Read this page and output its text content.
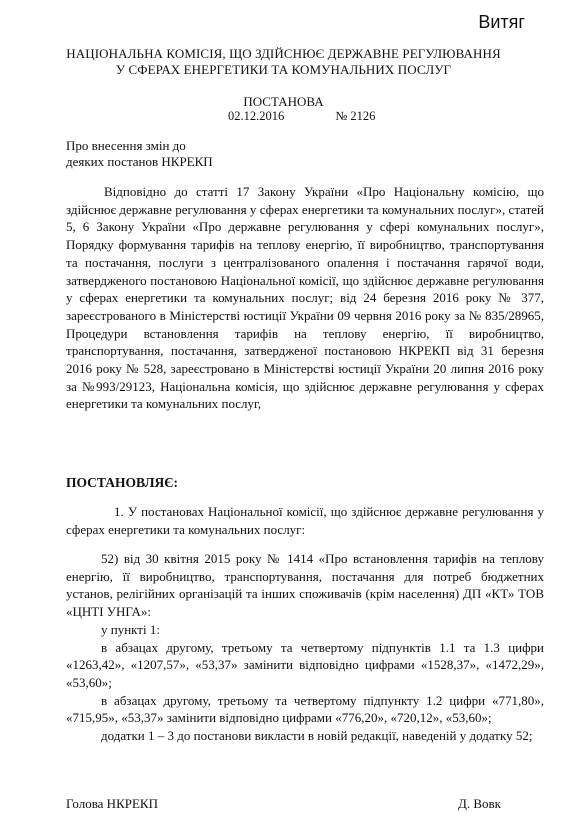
Витяг
НАЦІОНАЛЬНА КОМІСІЯ, ЩО ЗДІЙСНЮЄ ДЕРЖАВНЕ РЕГУЛЮВАННЯ
У СФЕРАХ ЕНЕРГЕТИКИ ТА КОМУНАЛЬНИХ ПОСЛУГ
ПОСТАНОВА
02.12.2016	№ 2126
Про внесення змін до
деяких постанов НКРЕКП
Відповідно до статті 17 Закону України «Про Національну комісію, що здійснює державне регулювання у сферах енергетики та комунальних послуг», статей 5, 6 Закону України «Про державне регулювання у сфері комунальних послуг», Порядку формування тарифів на теплову енергію, її виробництво, транспортування та постачання, послуги з централізованого опалення і постачання гарячої води, затвердженого постановою Національної комісії, що здійснює державне регулювання у сферах енергетики та комунальних послуг; від 24 березня 2016 року № 377, зареєстрованого в Міністерстві юстиції України 09 червня 2016 року за № 835/28965, Процедури встановлення тарифів на теплову енергію, її виробництво, транспортування, постачання, затвердженої постановою НКРЕКП від 31 березня 2016 року № 528, зареєстровано в Міністерстві юстиції України 20 липня 2016 року за №993/29123, Національна комісія, що здійснює державне регулювання у сферах енергетики та комунальних послуг,
ПОСТАНОВЛЯЄ:
1. У постановах Національної комісії, що здійснює державне регулювання у сферах енергетики та комунальних послуг:
52) від 30 квітня 2015 року № 1414 «Про встановлення тарифів на теплову енергію, її виробництво, транспортування, постачання для потреб бюджетних установ, релігійних організацій та інших споживачів (крім населення) ДП «КТ» ТОВ «ЦНТІ УНГА»:
у пункті 1:
в абзацах другому, третьому та четвертому підпунктів 1.1 та 1.3 цифри «1263,42», «1207,57», «53,37» замінити відповідно цифрами «1528,37», «1472,29», «53,60»;
в абзацах другому, третьому та четвертому підпункту 1.2 цифри «771,80», «715,95», «53,37» замінити відповідно цифрами «776,20», «720,12», «53,60»;
додатки 1 – 3 до постанови викласти в новій редакції, наведеній у додатку 52;
Голова НКРЕКП	Д. Вовк
